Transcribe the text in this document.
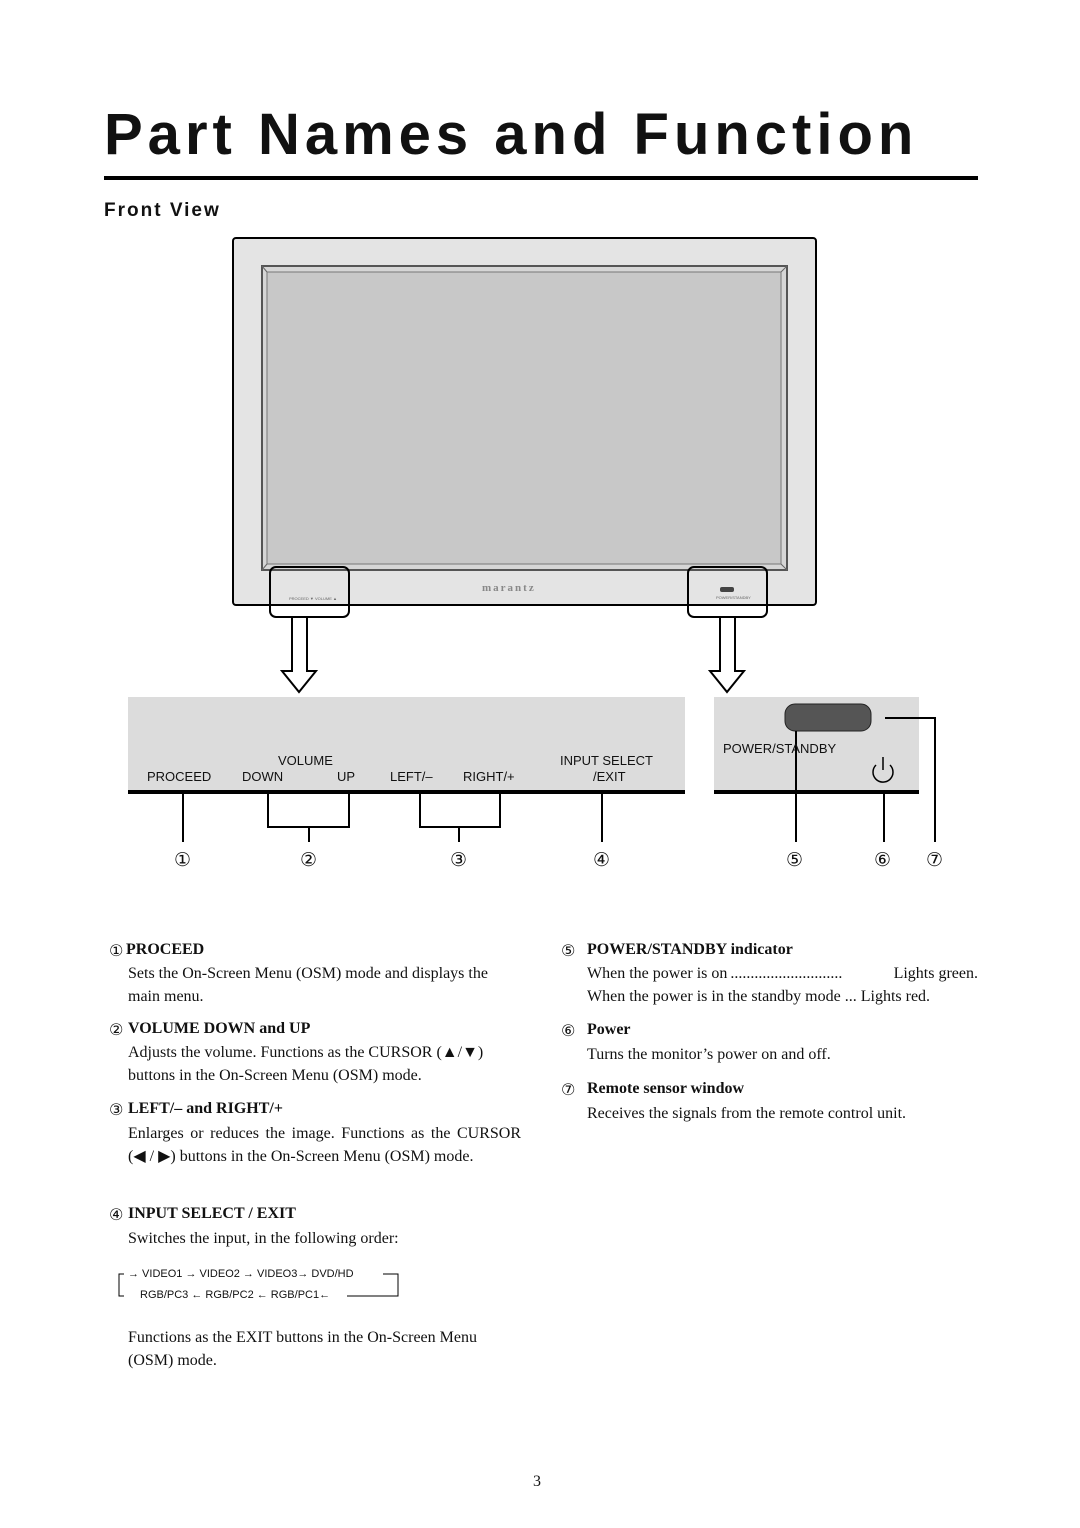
Part Names and Function
Front View
PROCEED ▼ VOLUME ▲	POWER/STANDBY
marantz
VOLUME
PROCEED DOWN	UP	LEFT/– RIGHT/+
INPUT SELECT
/EXIT
POWER/STANDBY
①	②	③	④	⑤	⑥ ⑦
① PROCEED
Sets the On-Screen Menu (OSM) mode and displays the main menu.
② VOLUME DOWN and UP
Adjusts the volume. Functions as the CURSOR (▲/▼) buttons in the On-Screen Menu (OSM) mode.
③ LEFT/– and RIGHT/+
Enlarges or reduces the image. Functions as the CURSOR (◀ / ▶) buttons in the On-Screen Menu (OSM) mode.
④ INPUT SELECT / EXIT
Switches the input, in the following order:
→ VIDEO1 → VIDEO2 → VIDEO3→ DVD/HD
RGB/PC3 ← RGB/PC2 ← RGB/PC1←
Functions as the EXIT buttons in the On-Screen Menu (OSM) mode.
⑤ POWER/STANDBY indicator
When the power is on ............................	Lights green.
When the power is in the standby mode ... Lights red.
⑥ Power
Turns the monitor’s power on and off.
⑦ Remote sensor window
Receives the signals from the remote control unit.
3
